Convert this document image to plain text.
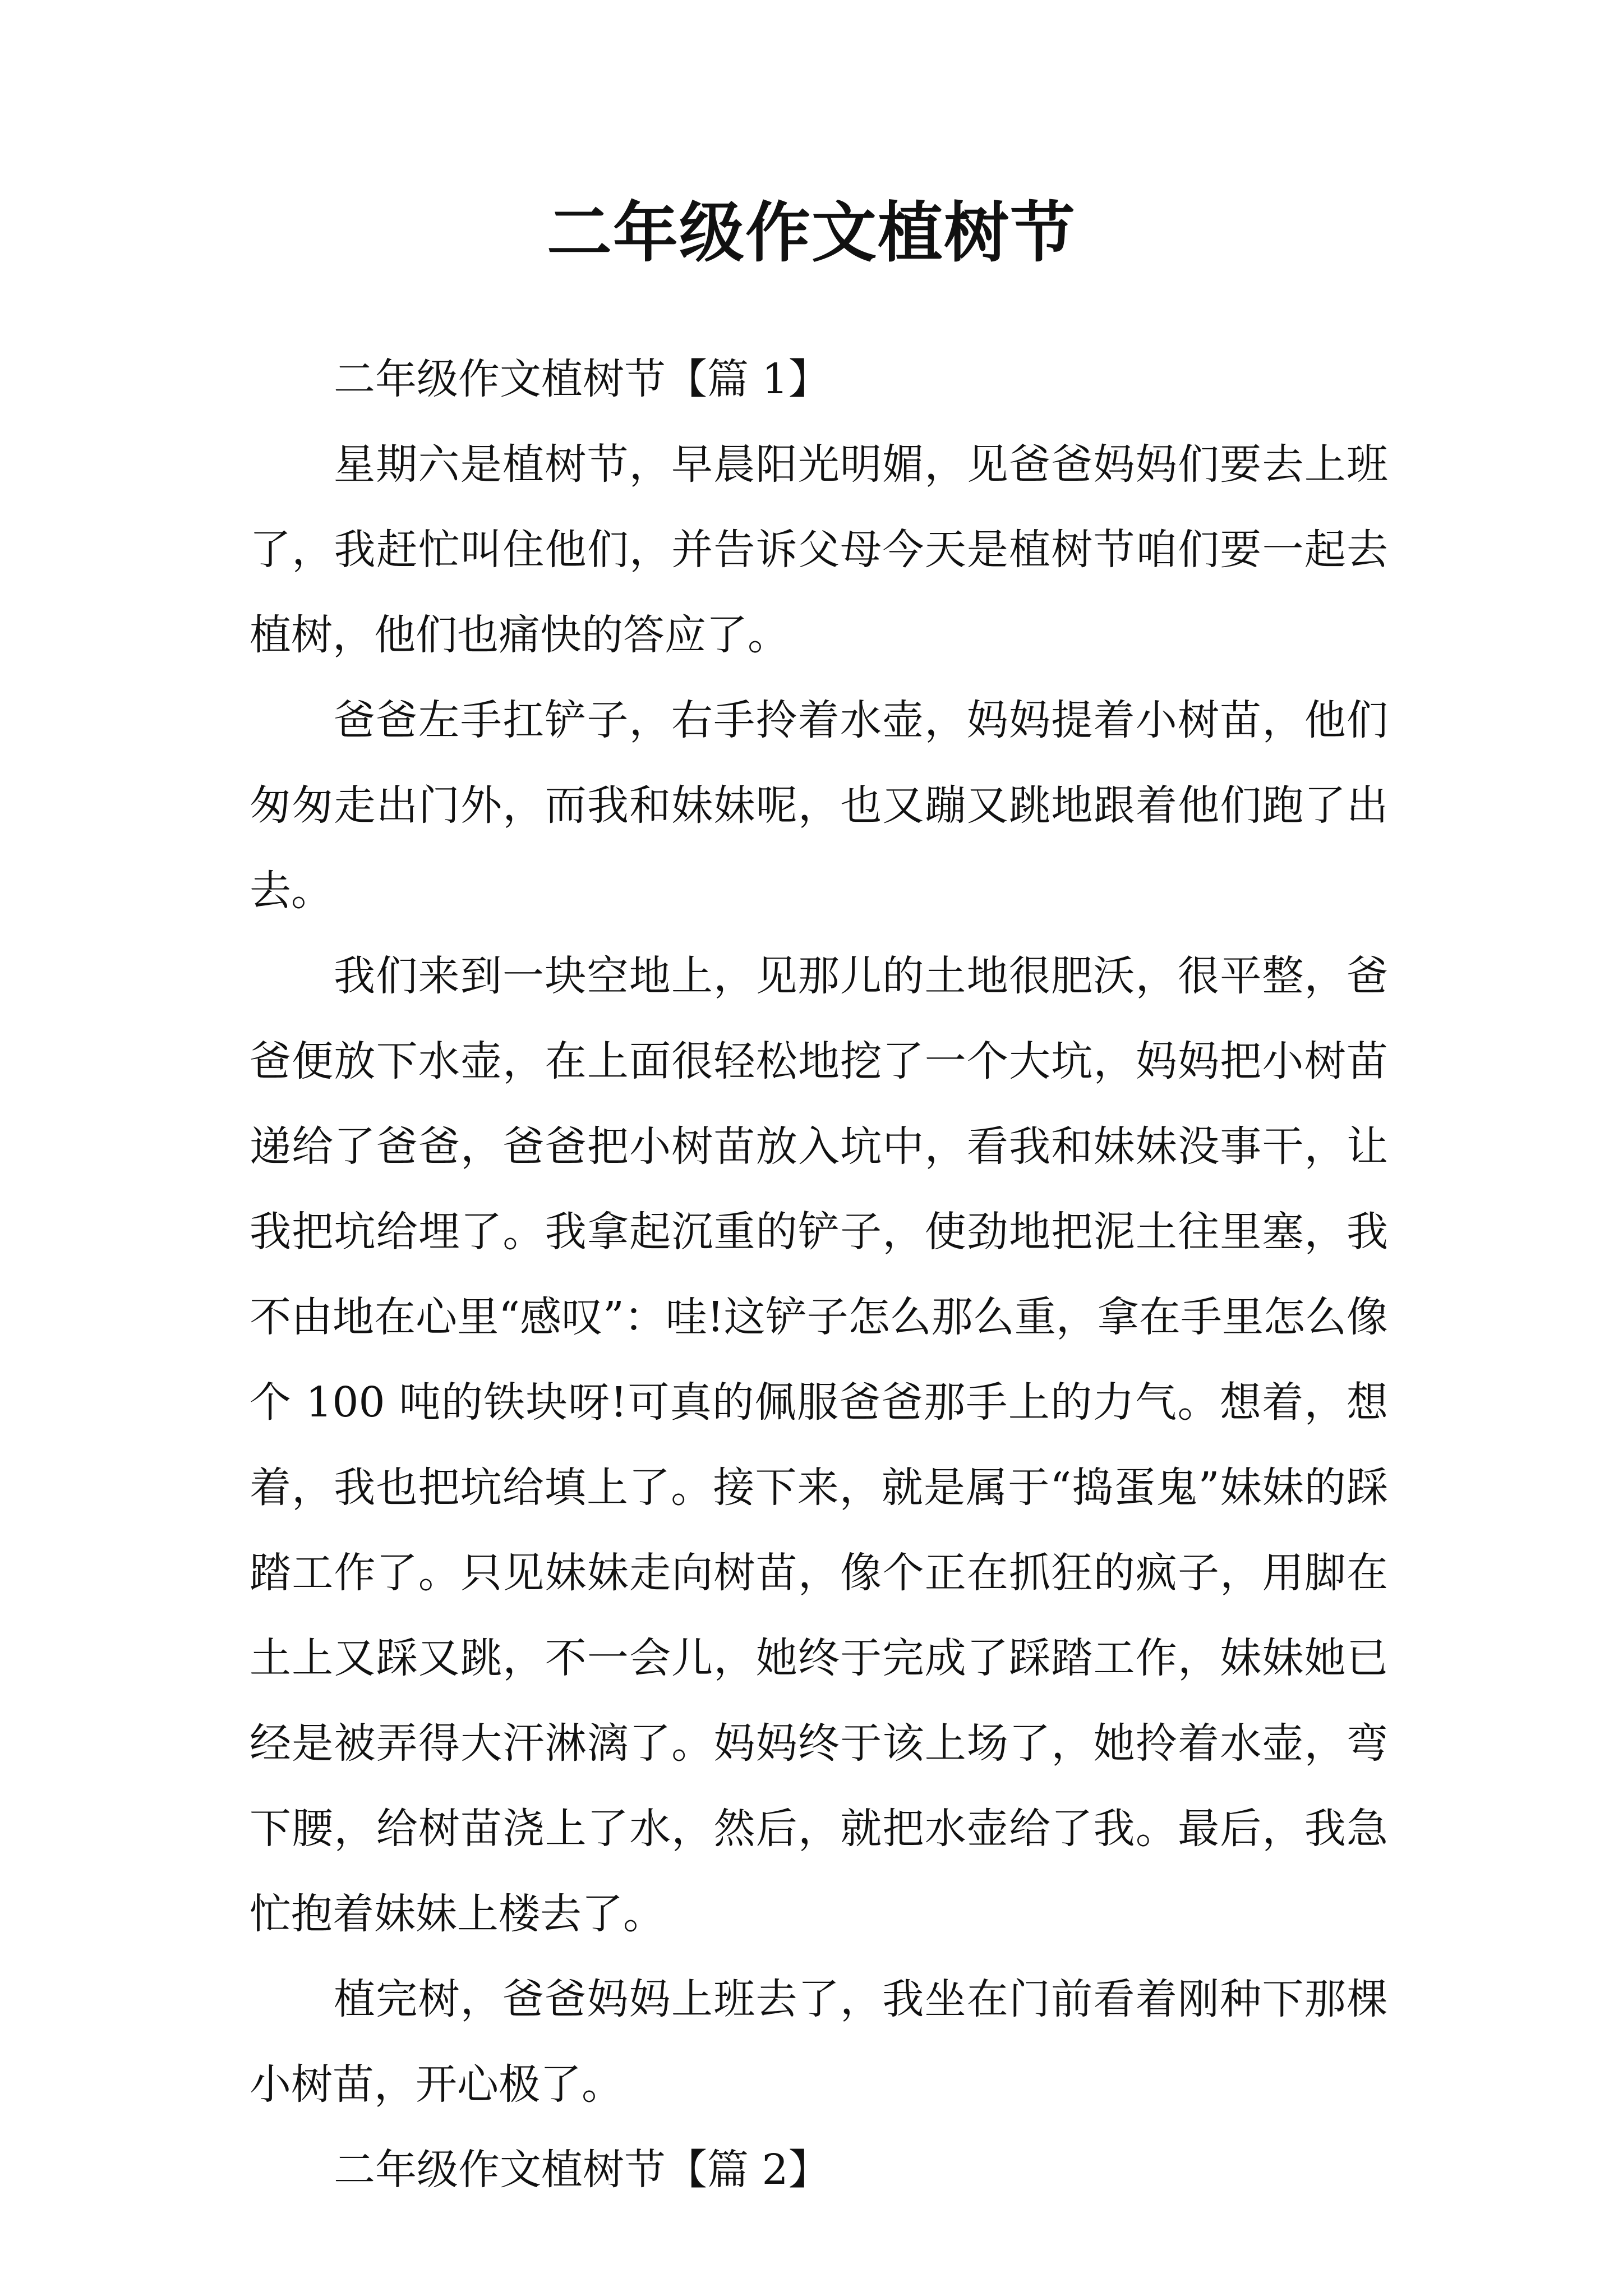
二年级作文植树节

二年级作文植树节【篇 1】

星期六是植树节，早晨阳光明媚，见爸爸妈妈们要去上班了，我赶忙叫住他们，并告诉父母今天是植树节咱们要一起去植树，他们也痛快的答应了。

爸爸左手扛铲子，右手拎着水壶，妈妈提着小树苗，他们匆匆走出门外，而我和妹妹呢，也又蹦又跳地跟着他们跑了出去。

我们来到一块空地上，见那儿的土地很肥沃，很平整，爸爸便放下水壶，在上面很轻松地挖了一个大坑，妈妈把小树苗递给了爸爸，爸爸把小树苗放入坑中，看我和妹妹没事干，让我把坑给埋了。我拿起沉重的铲子，使劲地把泥土往里塞，我不由地在心里“感叹”：哇!这铲子怎么那么重，拿在手里怎么像个 100 吨的铁块呀!可真的佩服爸爸那手上的力气。想着，想着，我也把坑给填上了。接下来，就是属于“捣蛋鬼”妹妹的踩踏工作了。只见妹妹走向树苗，像个正在抓狂的疯子，用脚在土上又踩又跳，不一会儿，她终于完成了踩踏工作，妹妹她已经是被弄得大汗淋漓了。妈妈终于该上场了，她拎着水壶，弯下腰，给树苗浇上了水，然后，就把水壶给了我。最后，我急忙抱着妹妹上楼去了。

植完树，爸爸妈妈上班去了，我坐在门前看着刚种下那棵小树苗，开心极了。

二年级作文植树节【篇 2】
